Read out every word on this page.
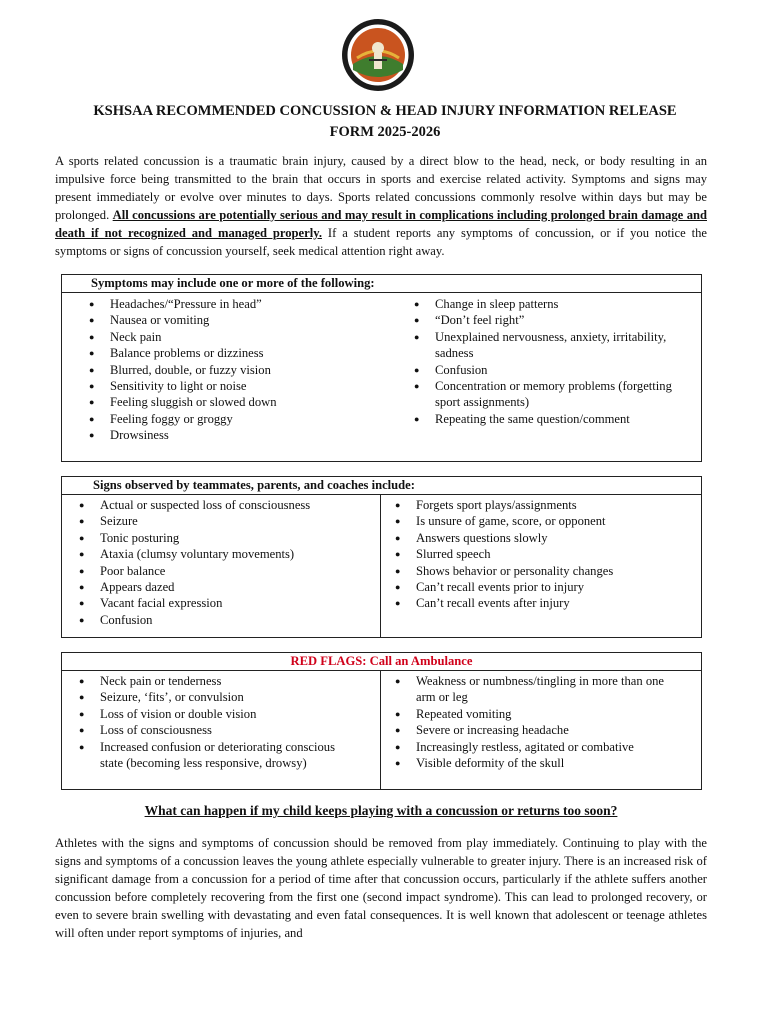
KSHSAA RECOMMENDED CONCUSSION & HEAD INJURY INFORMATION RELEASE
FORM 2025-2026

A sports related concussion is a traumatic brain injury, caused by a direct blow to the head, neck, or body resulting in an impulsive force being transmitted to the brain that occurs in sports and exercise related activity. Symptoms and signs may present immediately or evolve over minutes to days. Sports related concussions commonly resolve within days but may be prolonged. All concussions are potentially serious and may result in complications including prolonged brain damage and death if not recognized and managed properly. If a student reports any symptoms of concussion, or if you notice the symptoms or signs of concussion yourself, seek medical attention right away.

Symptoms may include one or more of the following:
● Headaches/“Pressure in head”
● Nausea or vomiting
● Neck pain
● Balance problems or dizziness
● Blurred, double, or fuzzy vision
● Sensitivity to light or noise
● Feeling sluggish or slowed down
● Feeling foggy or groggy
● Drowsiness
● Change in sleep patterns
● “Don’t feel right”
● Unexplained nervousness, anxiety, irritability, sadness
● Confusion
● Concentration or memory problems (forgetting sport assignments)
● Repeating the same question/comment
Signs observed by teammates, parents, and coaches include:
● Actual or suspected loss of consciousness
● Seizure
● Tonic posturing
● Ataxia (clumsy voluntary movements)
● Poor balance
● Appears dazed
● Vacant facial expression
● Confusion
● Forgets sport plays/assignments
● Is unsure of game, score, or opponent
● Answers questions slowly
● Slurred speech
● Shows behavior or personality changes
● Can’t recall events prior to injury
● Can’t recall events after injury
RED FLAGS: Call an Ambulance
● Neck pain or tenderness
● Seizure, ‘fits’, or convulsion
● Loss of vision or double vision
● Loss of consciousness
● Increased confusion or deteriorating conscious state (becoming less responsive, drowsy)
● Weakness or numbness/tingling in more than one arm or leg
● Repeated vomiting
● Severe or increasing headache
● Increasingly restless, agitated or combative
● Visible deformity of the skull
What can happen if my child keeps playing with a concussion or returns too soon?

Athletes with the signs and symptoms of concussion should be removed from play immediately. Continuing to play with the signs and symptoms of a concussion leaves the young athlete especially vulnerable to greater injury. There is an increased risk of significant damage from a concussion for a period of time after that concussion occurs, particularly if the athlete suffers another concussion before completely recovering from the first one (second impact syndrome). This can lead to prolonged recovery, or even to severe brain swelling with devastating and even fatal consequences. It is well known that adolescent or teenage athletes will often under report symptoms of injuries, and
